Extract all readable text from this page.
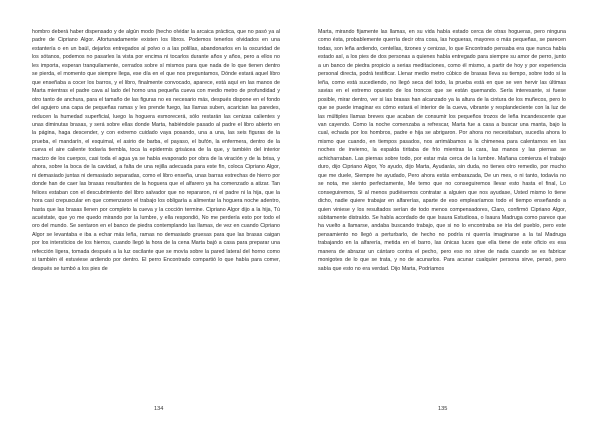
hombro deberá haber dispensado y de algún modo (hecho olvidar la arcaica práctica, que no pasó ya al padre de Cipriano Algor. Afortunadamente existen los libros. Podemos tenerlos olvidados en una estantería o en un baúl, dejarlos entregados al polvo o a las polillas, abandonarlos en la oscuridad de los sótanos, podemos no pasarles la vista por encima ni tocarlos durante años y años, pero a ellos no les importa, esperan tranquilamente, cerrados sobre sí mismos para que nada de lo que tienen dentro se pierda, el momento que siempre llega, ese día en el que nos preguntamos, Dónde estará aquel libro que enseñaba a cocer los barros, y el libro, finalmente convocado, aparece, está aquí en las manos de Marta mientras el padre cava al lado del horno una pequeña cueva con medio metro de profundidad y otro tanto de anchura, para el tamaño de las figuras no es necesario más, después dispone en el fondo del agujero una capa de pequeñas ramas y les prende fuego, las llamas suben, acarician las paredes, reducen la humedad superficial, luego la hoguera esmorecerá, sólo restarán las cenizas calientes y unas diminutas brasas, y será sobre ellas donde Marta, habiéndole pasado al padre el libro abierto en la página, haga descender, y con extremo cuidado vaya posando, una a una, las seis figuras de la prueba, el mandarín, el esquimal, el asirio de barba, el payaso, el bufón, la enfermera, dentro de la cueva el aire caliente todavía tiembla, toca la epidermis grisácea de la que, y también del interior macizo de los cuerpos, casi toda el agua ya se había evaporado por obra de la viración y de la brisa, y ahora, sobre la boca de la cavidad, a falta de una rejilla adecuada para este fin, coloca Cipriano Algor, ni demasiado juntas ni demasiado separadas, como el libro enseña, unas barras estrechas de hierro por donde han de caer las brasas resultantes de la hoguera que el alfarero ya ha comenzado a atizar. Tan felices estaban con el descubrimiento del libro salvador que no repararon, ni el padre ni la hija, que la hora casi crepuscular en que comenzaron el trabajo los obligaría a alimentar la hoguera noche adentro, hasta que las brasas llenen por completo la cueva y la cocción termine. Cipriano Algor dijo a la hija, Tú acuéstate, que yo me quedo mirando por la lumbre, y ella respondió, No me perdería esto por todo el oro del mundo. Se sentaron en el banco de piedra contemplando las llamas, de vez en cuando Cipriano Algor se levantaba e iba a echar más leña, ramas no demasiado gruesas para que las brasas caigan por los intersticios de los hierros, cuando llegó la hora de la cena Marta bajó a casa para preparar una refección ligera, tomada después a la luz oscilante que se movía sobre la pared lateral del horno como si también él estuviese ardiendo por dentro. El perro Encontrado compartió lo que había para comer, después se tumbó a los pies de
134
Marta, mirando fijamente las llamas, en su vida había estado cerca de otras hogueras, pero ninguna como ésta, probablemente querría decir otra cosa, las hogueras, mayores o más pequeñas, se parecen todas, son leña ardiendo, centellas, tizones y cenizas, lo que Encontrado pensaba era que nunca había estado así, a los pies de dos personas a quienes había entregado para siempre su amor de perro, junto a un banco de piedra propicio a serias meditaciones, como él mismo, a partir de hoy y por experiencia personal directa, podrá testificar. Llenar medio metro cúbico de brasas lleva su tiempo, sobre todo si la leña, como está sucediendo, no llegó seca del todo, la prueba está en que se ven hervir las últimas savias en el extremo opuesto de los troncos que se están quemando. Sería interesante, si fuese posible, mirar dentro, ver si las brasas han alcanzado ya la altura de la cintura de los muñecos, pero lo que se puede imaginar es cómo estará el interior de la cueva, vibrante y resplandeciente con la luz de las múltiples llamas breves que acaban de consumir los pequeños trozos de leña incandescente que van cayendo. Como la noche comenzaba a refrescar, Marta fue a casa a buscar una manta, bajo la cual, echada por los hombros, padre e hija se abrigaron. Por ahora no necesitaban, sucedía ahora lo mismo que cuando, en tiempos pasados, nos arrimábamos a la chimenea para calentarnos en las noches de invierno, la espalda tiritaba de frío mientras la cara, las manos y las piernas se achicharraban. Las piernas sobre todo, por estar más cerca de la lumbre. Mañana comienza el trabajo duro, dijo Cipriano Algor, Yo ayudo, dijo Marta, Ayudarás, sin duda, no tienes otro remedio, por mucho que me duele, Siempre he ayudado, Pero ahora estás embarazada, De un mes, o ni tanto, todavía no se nota, me siento perfectamente, Me temo que no conseguiremos llevar esto hasta el final, Lo conseguiremos, Si al menos pudiésemos contratar a alguien que nos ayudase, Usted mismo lo tiene dicho, nadie quiere trabajar en alfarerías, aparte de eso emplearíamos todo el tiempo enseñando a quien viniese y los resultados serían de todo menos compensadores, Claro, confirmó Cipriano Algor, súbitamente distraído. Se había acordado de que Isaura Estudiosa, o Isaura Madruga como parece que ha vuelto a llamarse, andaba buscando trabajo, que si no lo encontraba se iría del pueblo, pero este pensamiento no llegó a perturbarlo, de hecho no podría ni querría imaginarse a la tal Madruga trabajando en la alfarería, metida en el barro, las únicas luces que ella tiene de este oficio es esa manera de abrazar un cántaro contra el pecho, pero eso no sirve de nada cuando se es fabricar monigotes de lo que se trata, y no de acunarlos. Para acunar cualquier persona sirve, pensó, pero sabía que esto no era verdad. Dijo Marta, Podríamos
135
